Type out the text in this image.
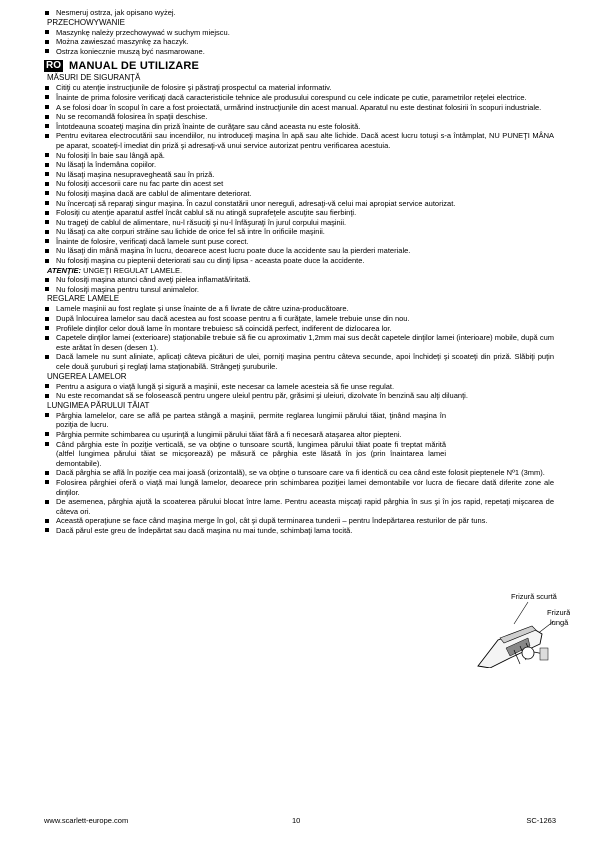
Nesmeruj ostrza, jak opisano wyżej.
PRZECHOWYWANIE
Maszynkę należy przechowywać w suchym miejscu.
Można zawieszać maszynkę za haczyk.
Ostrza koniecznie muszą być nasmarowane.
RO MANUAL DE UTILIZARE
MĂSURI DE SIGURANŢĂ
Citiţi cu atenţie instrucţiunile de folosire şi păstraţi prospectul ca material informativ.
Înainte de prima folosire verificaţi dacă caracteristicile tehnice ale produsului corespund cu cele indicate pe cutie, parametrilor reţelei electrice.
A se folosi doar în scopul în care a fost proiectată, urmărind instrucţiunile din acest manual. Aparatul nu este destinat folosirii în scopuri industriale.
Nu se recomandă folosirea în spaţii deschise.
Întotdeauna scoateţi maşina din priză înainte de curăţare sau când aceasta nu este folosită.
Pentru evitarea electrocutării sau incendiilor, nu introduceţi maşina în apă sau alte lichide. Dacă acest lucru totuşi s-a întâmplat, NU PUNEŢI MÂNA pe aparat, scoateţi-l imediat din priză şi adresaţi-vă unui service autorizat pentru verificarea acestuia.
Nu folosiţi în baie sau lângă apă.
Nu lăsaţi la îndemâna copiilor.
Nu lăsaţi maşina nesupravegheată sau în priză.
Nu folosiţi accesorii care nu fac parte din acest set
Nu folosiţi maşina dacă are cablul de alimentare deteriorat.
Nu încercaţi să reparaţi singur maşina. În cazul constatării unor nereguli, adresaţi-vă celui mai apropiat service autorizat.
Folosiţi cu atenţie aparatul astfel încât cablul să nu atingă suprafeţele ascuţite sau fierbinţi.
Nu trageţi de cablul de alimentare, nu-l răsuciţi şi nu-l înfăşuraţi în jurul corpului maşinii.
Nu lăsaţi ca alte corpuri străine sau lichide de orice fel să intre în orificiile maşinii.
Înainte de folosire, verificaţi dacă lamele sunt puse corect.
Nu lăsaţi din mână maşina în lucru, deoarece acest lucru poate duce la accidente sau la pierderi materiale.
Nu folosiţi maşina cu pieptenii deteriorati sau cu dinţi lipsa - aceasta poate duce la accidente.
ATENŢIE: UNGEŢI REGULAT LAMELE.
Nu folosiţi maşina atunci când aveţi pielea inflamată/iritată.
Nu folosiţi maşina pentru tunsul animalelor.
REGLARE LAMELE
Lamele maşinii au fost reglate şi unse înainte de a fi livrate de către uzina-producătoare.
După înlocuirea lamelor sau dacă acestea au fost scoase pentru a fi curăţate, lamele trebuie unse din nou.
Profilele dinţilor celor două lame în montare trebuiesc să coincidă perfect, indiferent de dizlocarea lor.
Capetele dinţilor lamei (exterioare) staţionabile trebuie să fie cu aproximativ 1,2mm mai sus decât capetele dinţilor lamei (interioare) mobile, după cum este arătat în desen (desen 1).
Dacă lamele nu sunt aliniate, aplicaţi câteva picături de ulei, porniţi maşina pentru câteva secunde, apoi închideţi şi scoateţi din priză. Slăbiţi puţin cele două şuruburi şi reglaţi lama staţionabilă. Strângeţi şuruburile.
UNGEREA LAMELOR
Pentru a asigura o viaţă lungă şi sigură a maşinii, este necesar ca lamele acesteia să fie unse regulat.
Nu este recomandat să se folosească pentru ungere uleiul pentru păr, grăsimi şi uleiuri, dizolvate în benzină sau alţi diluanţi.
LUNGIMEA PĂRULUI TĂIAT
Pârghia lamelelor, care se află pe partea stângă a maşinii, permite reglarea lungimii părului tăiat, ţinând maşina în poziţia de lucru.
Pârghia permite schimbarea cu uşurinţă a lungimii părului tăiat fără a fi necesară ataşarea altor piepteni.
Când pârghia este în poziţie verticală, se va obţine o tunsoare scurtă, lungimea părului tăiat poate fi treptat mărită (altfel lungimea părului tăiat se micşorează) pe măsură ce pârghia este lăsată în jos (prin înaintarea lamei demontabile).
Dacă pârghia se află în poziţie cea mai joasă (orizontală), se va obţine o tunsoare care va fi identică cu cea când este folosit pieptenele Nº1 (3mm).
Folosirea pârghiei oferă o viaţă mai lungă lamelor, deoarece prin schimbarea poziţiei lamei demontabile vor lucra de fiecare dată diferite zone ale dinţilor.
De asemenea, pârghia ajută la scoaterea părului blocat între lame. Pentru aceasta mişcaţi rapid pârghia în sus şi în jos rapid, repetaţi mişcarea de câteva ori.
Această operaţiune se face când maşina merge în gol, cât şi după terminarea tunderii – pentru îndepărtarea resturilor de păr tuns.
Dacă părul este greu de îndepărtat sau dacă maşina nu mai tunde, schimbaţi lama tocită.
Frizură scurtă
Frizură
lungă
www.scarlett-europe.com	10	SC-1263
